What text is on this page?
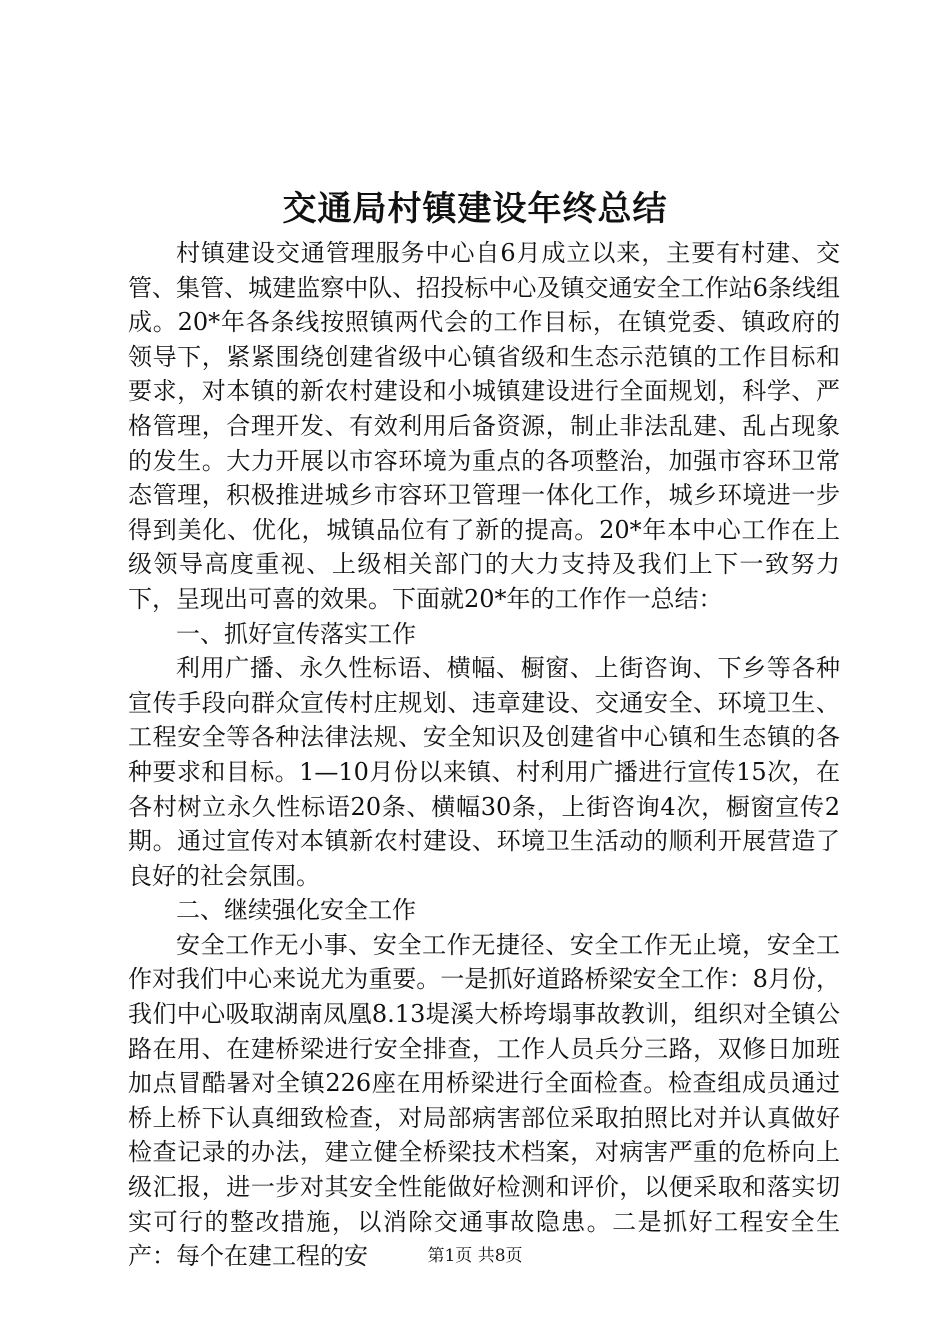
交通局村镇建设年终总结

村镇建设交通管理服务中心自6月成立以来，主要有村建、交管、集管、城建监察中队、招投标中心及镇交通安全工作站6条线组成。20*年各条线按照镇两代会的工作目标，在镇党委、镇政府的领导下，紧紧围绕创建省级中心镇省级和生态示范镇的工作目标和要求，对本镇的新农村建设和小城镇建设进行全面规划，科学、严格管理，合理开发、有效利用后备资源，制止非法乱建、乱占现象的发生。大力开展以市容环境为重点的各项整治，加强市容环卫常态管理，积极推进城乡市容环卫管理一体化工作，城乡环境进一步得到美化、优化，城镇品位有了新的提高。20*年本中心工作在上级领导高度重视、上级相关部门的大力支持及我们上下一致努力下，呈现出可喜的效果。下面就20*年的工作作一总结：

一、抓好宣传落实工作

利用广播、永久性标语、横幅、橱窗、上街咨询、下乡等各种宣传手段向群众宣传村庄规划、违章建设、交通安全、环境卫生、工程安全等各种法律法规、安全知识及创建省中心镇和生态镇的各种要求和目标。1—10月份以来镇、村利用广播进行宣传15次，在各村树立永久性标语20条、横幅30条，上街咨询4次，橱窗宣传2期。通过宣传对本镇新农村建设、环境卫生活动的顺利开展营造了良好的社会氛围。

二、继续强化安全工作

安全工作无小事、安全工作无捷径、安全工作无止境，安全工作对我们中心来说尤为重要。一是抓好道路桥梁安全工作：8月份，我们中心吸取湖南凤凰8.13堤溪大桥垮塌事故教训，组织对全镇公路在用、在建桥梁进行安全排查，工作人员兵分三路，双修日加班加点冒酷暑对全镇226座在用桥梁进行全面检查。检查组成员通过桥上桥下认真细致检查，对局部病害部位采取拍照比对并认真做好检查记录的办法，建立健全桥梁技术档案，对病害严重的危桥向上级汇报，进一步对其安全性能做好检测和评价，以便采取和落实切实可行的整改措施，以消除交通事故隐患。二是抓好工程安全生产：每个在建工程的安	第1页 共8页
